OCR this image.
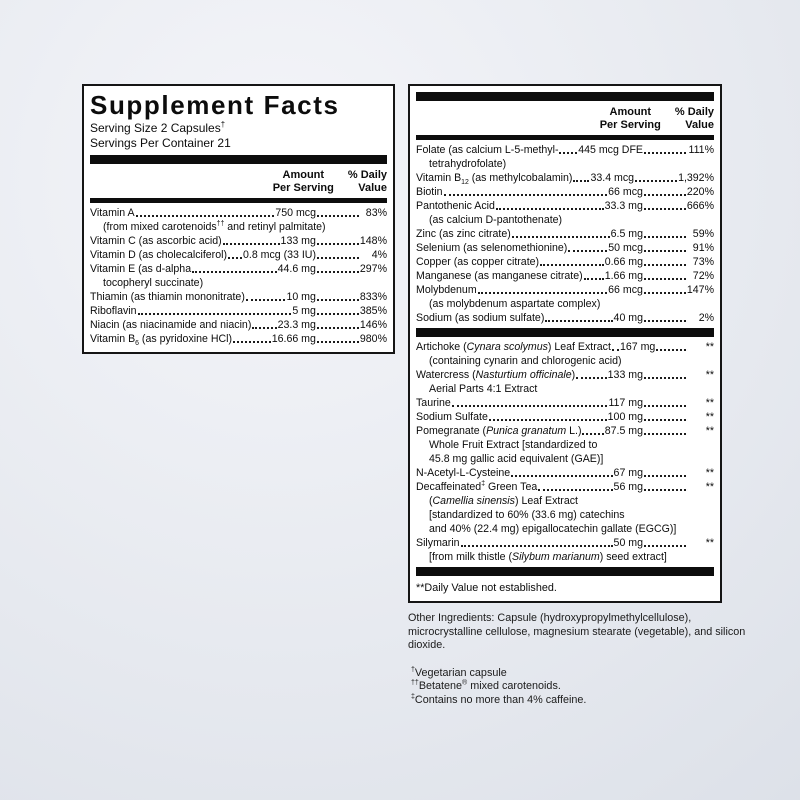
Supplement Facts
Serving Size 2 Capsules†
Servings Per Container 21
Amount
Per Serving
% Daily
Value
Vitamin A	750 mcg	83%
(from mixed carotenoids†† and retinyl palmitate)
Vitamin C (as ascorbic acid)	133 mg	148%
Vitamin D (as cholecalciferol) 0.8 mcg (33 IU)	4%
Vitamin E (as d-alpha	44.6 mg	297%
tocopheryl succinate)
Thiamin (as thiamin mononitrate)	10 mg	833%
Riboflavin	5 mg	385%
Niacin (as niacinamide and niacin) 23.3 mg	146%
Vitamin $B_6$ (as pyridoxine HCl)	16.66 mg	980%
Amount
Per Serving
% Daily
Value
Folate (as calcium L-5-methyl- 445 mcg DFE	111%
tetrahydrofolate)
Vitamin $B_{12}$ (as methylcobalamin) 33.4 mcg	1,392%
Biotin	66 mcg	220%
Pantothenic Acid	33.3 mg	666%
(as calcium D-pantothenate)
Zinc (as zinc citrate)	6.5 mg	59%
Selenium (as selenomethionine)	50 mcg	91%
Copper (as copper citrate)	0.66 mg	73%
Manganese (as manganese citrate) 1.66 mg	72%
Molybdenum	66 mcg	147%
(as molybdenum aspartate complex)
Sodium (as sodium sulfate)	40 mg	2%
Artichoke (Cynara scolymus) Leaf Extract 167 mg	**
(containing cynarin and chlorogenic acid)
Watercress (Nasturtium officinale)	133 mg	**
Aerial Parts 4:1 Extract
Taurine	117 mg	**
Sodium Sulfate	100 mg	**
Pomegranate (Punica granatum L.) 87.5 mg	**
Whole Fruit Extract [standardized to
45.8 mg gallic acid equivalent (GAE)]
N-Acetyl-L-Cysteine	67 mg	**
Decaffeinated‡ Green Tea	56 mg	**
(Camellia sinensis) Leaf Extract
[standardized to 60% (33.6 mg) catechins
and 40% (22.4 mg) epigallocatechin gallate (EGCG)]
Silymarin	50 mg	**
[from milk thistle (Silybum marianum) seed extract]
**Daily Value not established.

Other Ingredients: Capsule (hydroxypropylmethylcellulose), microcrystalline cellulose, magnesium stearate (vegetable), and silicon dioxide.

†Vegetarian capsule
††Betatene® mixed carotenoids.
‡Contains no more than 4% caffeine.
